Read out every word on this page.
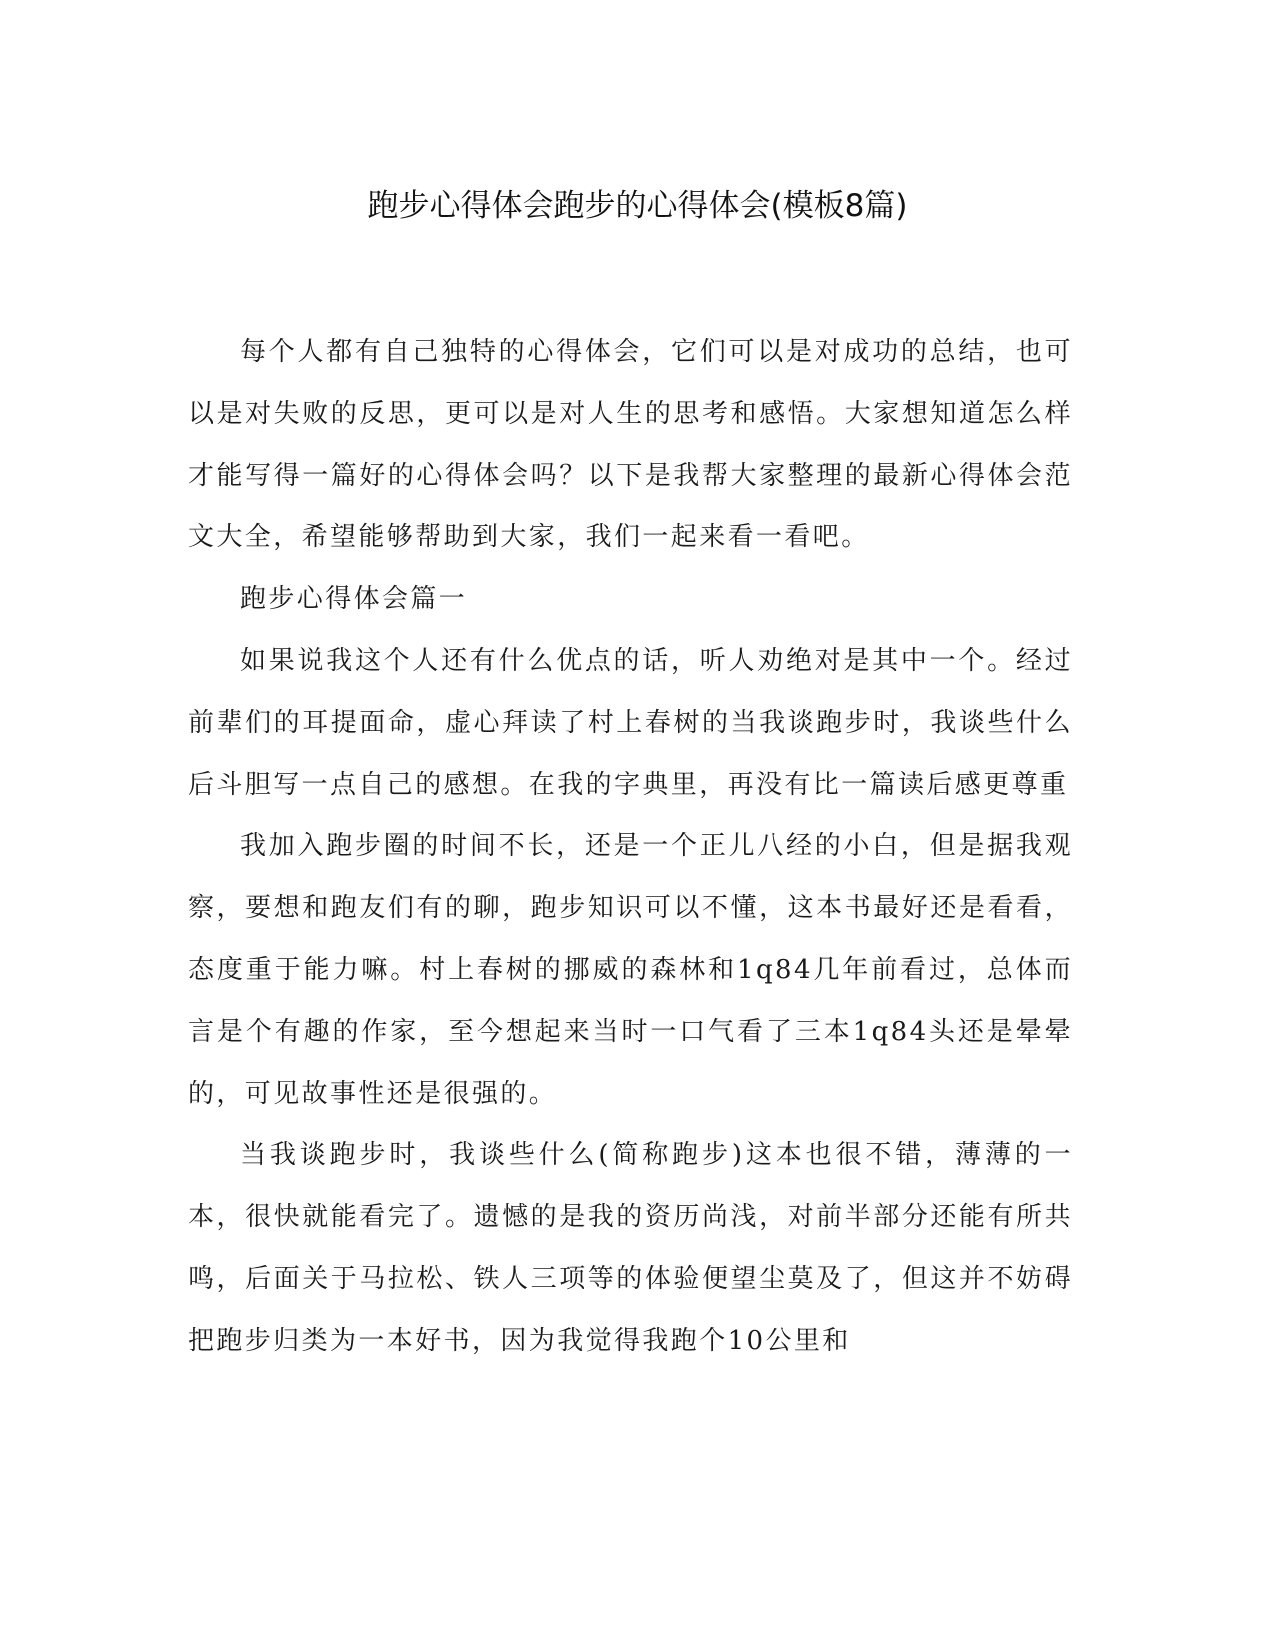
跑步心得体会跑步的心得体会(模板8篇)

每个人都有自己独特的心得体会，它们可以是对成功的总结，也可以是对失败的反思，更可以是对人生的思考和感悟。大家想知道怎么样才能写得一篇好的心得体会吗？以下是我帮大家整理的最新心得体会范文大全，希望能够帮助到大家，我们一起来看一看吧。

跑步心得体会篇一

如果说我这个人还有什么优点的话，听人劝绝对是其中一个。经过前辈们的耳提面命，虚心拜读了村上春树的当我谈跑步时，我谈些什么后斗胆写一点自己的感想。在我的字典里，再没有比一篇读后感更尊重

我加入跑步圈的时间不长，还是一个正儿八经的小白，但是据我观察，要想和跑友们有的聊，跑步知识可以不懂，这本书最好还是看看，态度重于能力嘛。村上春树的挪威的森林和1q84几年前看过，总体而言是个有趣的作家，至今想起来当时一口气看了三本1q84头还是晕晕的，可见故事性还是很强的。

当我谈跑步时，我谈些什么(简称跑步)这本也很不错，薄薄的一本，很快就能看完了。遗憾的是我的资历尚浅，对前半部分还能有所共鸣，后面关于马拉松、铁人三项等的体验便望尘莫及了，但这并不妨碍把跑步归类为一本好书，因为我觉得我跑个10公里和
